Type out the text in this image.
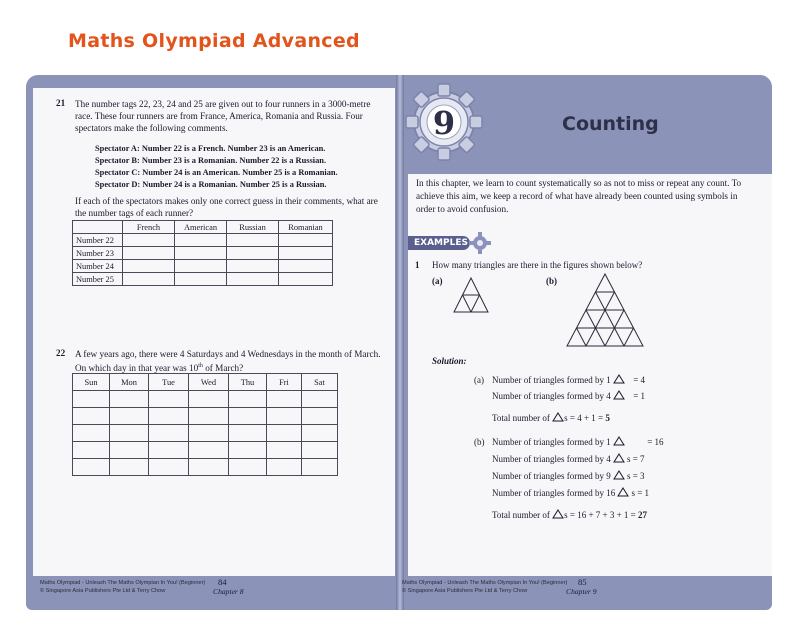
Maths Olympiad Advanced
21 The number tags 22, 23, 24 and 25 are given out to four runners in a 3000-metre
race. These four runners are from France, America, Romania and Russia. Four
spectators make the following comments.
Spectator A: Number 22 is a French. Number 23 is an American.
Spectator B: Number 23 is a Romanian. Number 22 is a Russian.
Spectator C: Number 24 is an American. Number 25 is a Romanian.
Spectator D: Number 24 is a Romanian. Number 25 is a Russian.
If each of the spectators makes only one correct guess in their comments, what are
the number tags of each runner?
	French	American	Russian	Romanian
Number 22				
Number 23				
Number 24				
Number 25				
22 A few years ago, there were 4 Saturdays and 4 Wednesdays in the month of March.
On which day in that year was 10th of March?
Sun	Mon	Tue	Wed	Thu	Fri	Sat

Maths Olympiad - Unleash The Maths Olympian In You! (Beginner)
© Singapore Asia Publishers Pte Ltd & Terry Chow
84
Chapter 8
9	Counting
In this chapter, we learn to count systematically so as not to miss or repeat any count. To achieve this aim, we keep a record of what have already been counted using symbols in order to avoid confusion.
EXAMPLES
1 How many triangles are there in the figures shown below?
(a)	(b)
Solution:
(a) Number of triangles formed by 1	= 4
Number of triangles formed by 4	= 1
Total number of s = 4 + 1 = 5
(b) Number of triangles formed by 1	= 16
Number of triangles formed by 4 s = 7
Number of triangles formed by 9 s = 3
Number of triangles formed by 16 s = 1
Total number of s = 16 + 7 + 3 + 1 = 27
Maths Olympiad - Unleash The Maths Olympian In You! (Beginner)
© Singapore Asia Publishers Pte Ltd & Terry Chow
85
Chapter 9
